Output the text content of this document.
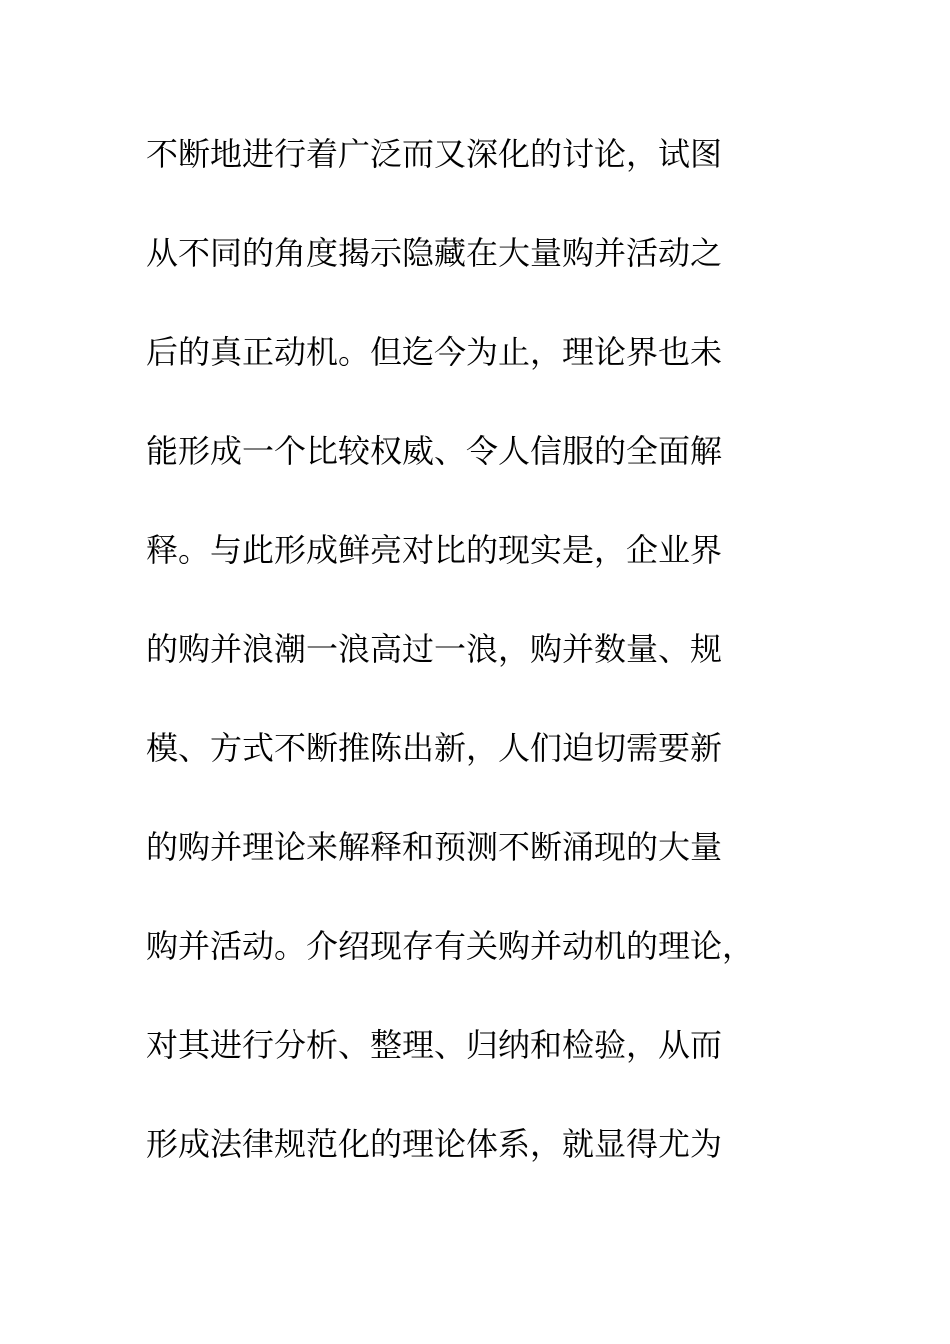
不断地进行着广泛而又深化的讨论，试图
从不同的角度揭示隐藏在大量购并活动之
后的真正动机。但迄今为止，理论界也未
能形成一个比较权威、令人信服的全面解
释。与此形成鲜亮对比的现实是，企业界
的购并浪潮一浪高过一浪，购并数量、规
模、方式不断推陈出新，人们迫切需要新
的购并理论来解释和预测不断涌现的大量
购并活动。介绍现存有关购并动机的理论，
对其进行分析、整理、归纳和检验，从而
形成法律规范化的理论体系，就显得尤为
